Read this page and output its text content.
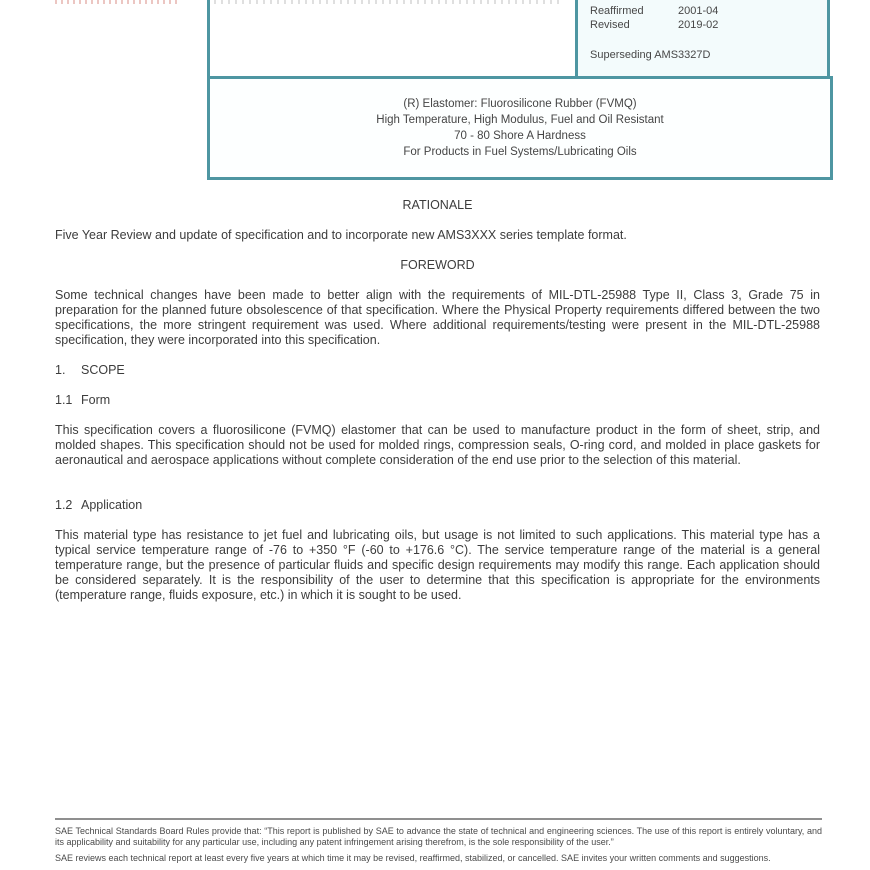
Reaffirmed	2001-04
Revised	2019-02
Superseding AMS3327D
(R) Elastomer: Fluorosilicone Rubber (FVMQ)
High Temperature, High Modulus, Fuel and Oil Resistant
70 - 80 Shore A Hardness
For Products in Fuel Systems/Lubricating Oils

RATIONALE

Five Year Review and update of specification and to incorporate new AMS3XXX series template format.

FOREWORD

Some technical changes have been made to better align with the requirements of MIL-DTL-25988 Type II, Class 3, Grade 75 in preparation for the planned future obsolescence of that specification. Where the Physical Property requirements differed between the two specifications, the more stringent requirement was used. Where additional requirements/testing were present in the MIL-DTL-25988 specification, they were incorporated into this specification.

1. SCOPE

1.1 Form

This specification covers a fluorosilicone (FVMQ) elastomer that can be used to manufacture product in the form of sheet, strip, and molded shapes. This specification should not be used for molded rings, compression seals, O-ring cord, and molded in place gaskets for aeronautical and aerospace applications without complete consideration of the end use prior to the selection of this material.

1.2 Application

This material type has resistance to jet fuel and lubricating oils, but usage is not limited to such applications. This material type has a typical service temperature range of -76 to +350 °F (-60 to +176.6 °C). The service temperature range of the material is a general temperature range, but the presence of particular fluids and specific design requirements may modify this range. Each application should be considered separately. It is the responsibility of the user to determine that this specification is appropriate for the environments (temperature range, fluids exposure, etc.) in which it is sought to be used.

SAE Technical Standards Board Rules provide that: “This report is published by SAE to advance the state of technical and engineering sciences. The use of this report is entirely voluntary, and its applicability and suitability for any particular use, including any patent infringement arising therefrom, is the sole responsibility of the user.”

SAE reviews each technical report at least every five years at which time it may be revised, reaffirmed, stabilized, or cancelled. SAE invites your written comments and suggestions.
